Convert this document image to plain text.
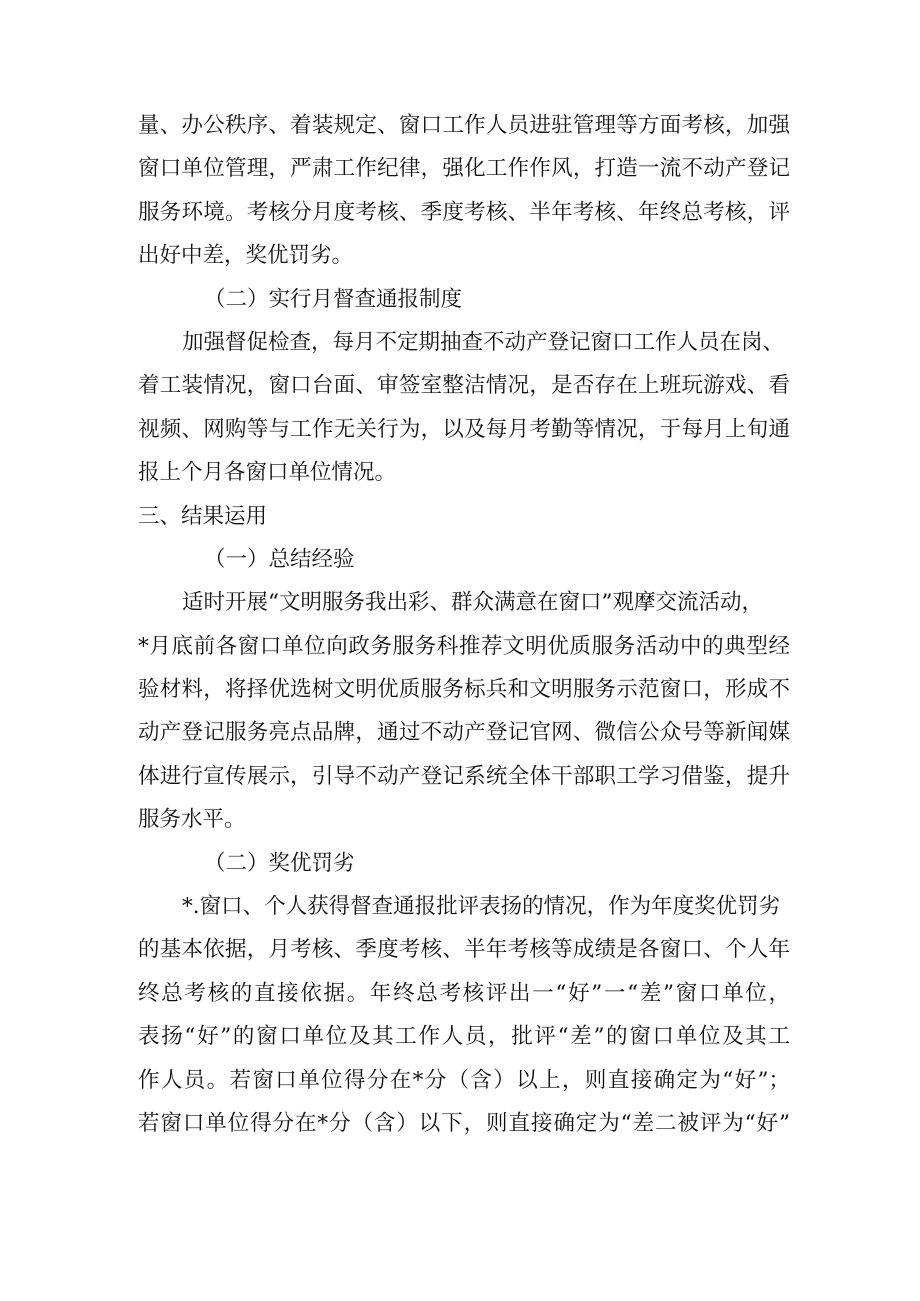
量、办公秩序、着装规定、窗口工作人员进驻管理等方面考核，加强
窗口单位管理，严肃工作纪律，强化工作作风，打造一流不动产登记
服务环境。考核分月度考核、季度考核、半年考核、年终总考核，评
出好中差，奖优罚劣。
（二）实行月督查通报制度
加强督促检查，每月不定期抽查不动产登记窗口工作人员在岗、
着工装情况，窗口台面、审签室整洁情况，是否存在上班玩游戏、看
视频、网购等与工作无关行为，以及每月考勤等情况，于每月上旬通
报上个月各窗口单位情况。
三、结果运用
（一）总结经验
适时开展“文明服务我出彩、群众满意在窗口”观摩交流活动，
*月底前各窗口单位向政务服务科推荐文明优质服务活动中的典型经
验材料，将择优选树文明优质服务标兵和文明服务示范窗口，形成不
动产登记服务亮点品牌，通过不动产登记官网、微信公众号等新闻媒
体进行宣传展示，引导不动产登记系统全体干部职工学习借鉴，提升
服务水平。
（二）奖优罚劣
*.窗口、个人获得督查通报批评表扬的情况，作为年度奖优罚劣
的基本依据，月考核、季度考核、半年考核等成绩是各窗口、个人年
终总考核的直接依据。年终总考核评出一“好”一“差”窗口单位，
表扬“好”的窗口单位及其工作人员，批评“差”的窗口单位及其工
作人员。若窗口单位得分在*分（含）以上，则直接确定为“好”；
若窗口单位得分在*分（含）以下，则直接确定为“差二被评为“好”
